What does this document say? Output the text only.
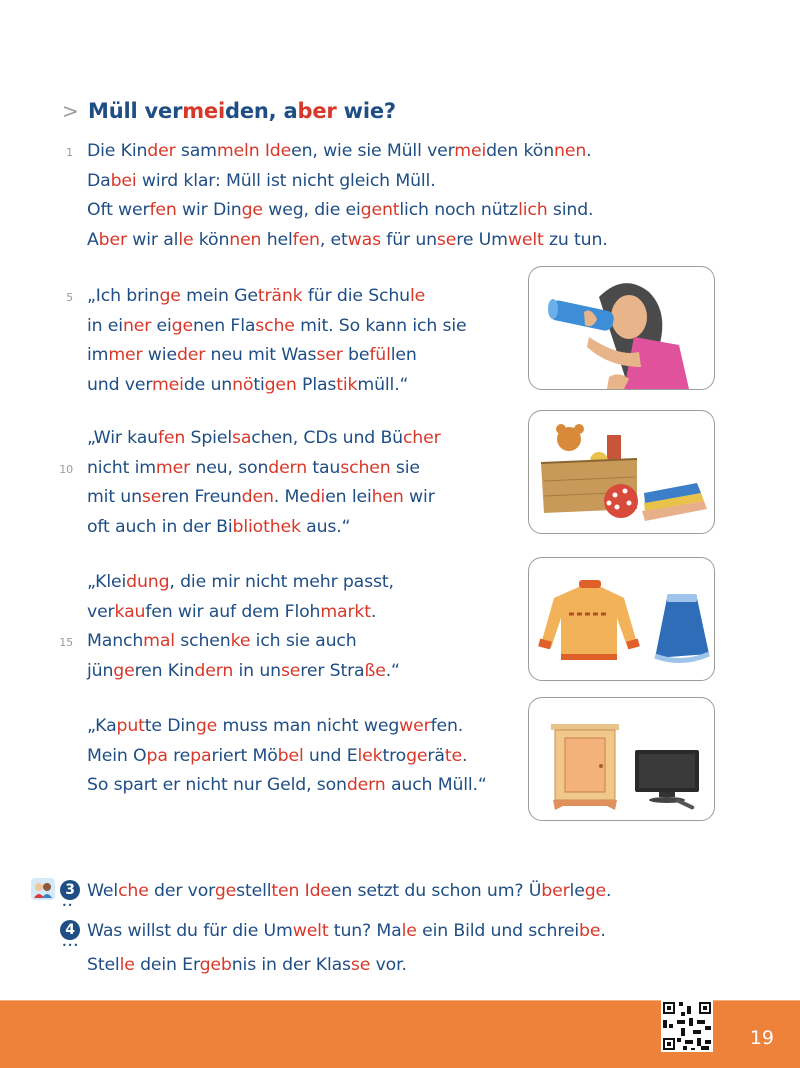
> Müll vermeiden, aber wie?
1 Die Kinder sammeln Ideen, wie sie Müll vermeiden können.
Dabei wird klar: Müll ist nicht gleich Müll.
Oft werfen wir Dinge weg, die eigentlich noch nützlich sind.
Aber wir alle können helfen, etwas für unsere Umwelt zu tun.
5 „Ich bringe mein Getränk für die Schule
in einer eigenen Flasche mit. So kann ich sie
immer wieder neu mit Wasser befüllen
und vermeide unnötigen Plastikmüll.“
„Wir kaufen Spielsachen, CDs und Bücher
10 nicht immer neu, sondern tauschen sie
mit unseren Freunden. Medien leihen wir
oft auch in der Bibliothek aus.“
„Kleidung, die mir nicht mehr passt,
verkaufen wir auf dem Flohmarkt.
15 Manchmal schenke ich sie auch
jüngeren Kindern in unserer Straße.“
„Kaputte Dinge muss man nicht wegwerfen.
Mein Opa repariert Möbel und Elektrogeräte.
So spart er nicht nur Geld, sondern auch Müll.“
3
••
Welche der vorgestellten Ideen setzt du schon um? Überlege.
4
•••
Was willst du für die Umwelt tun? Male ein Bild und schreibe.
Stelle dein Ergebnis in der Klasse vor.
19
